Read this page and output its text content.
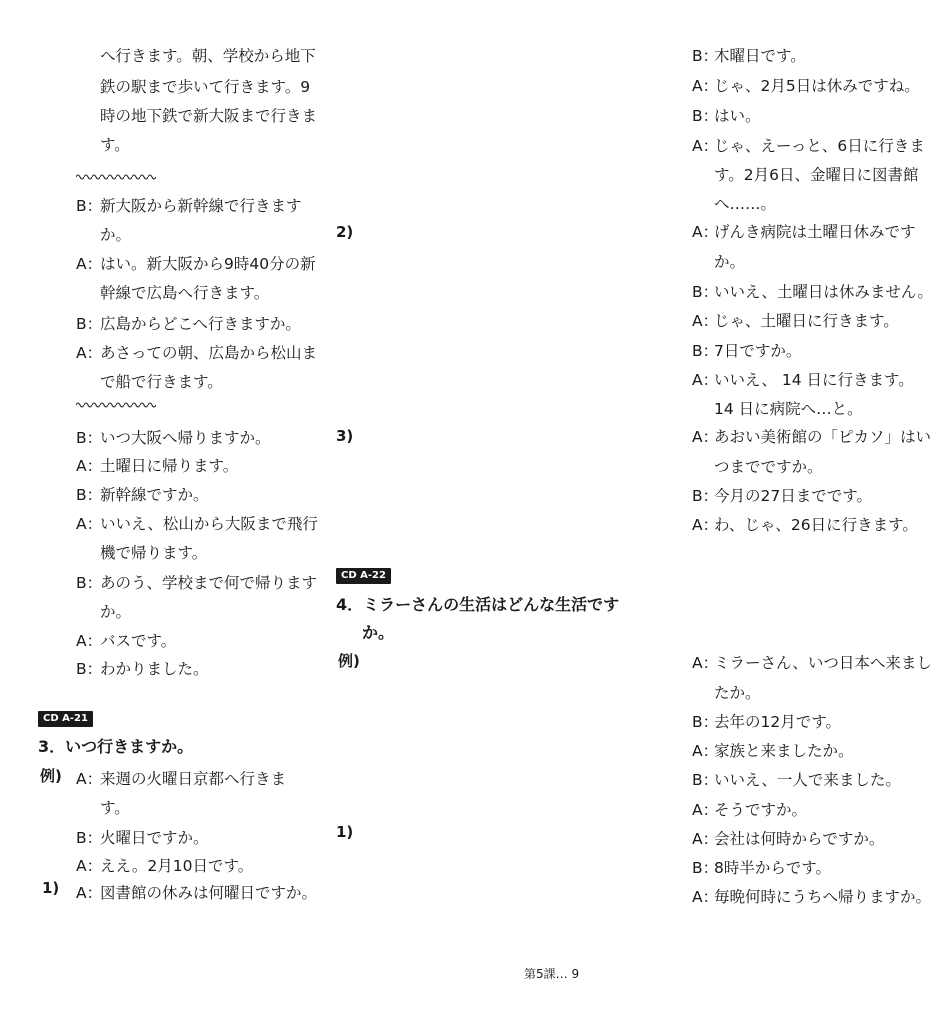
へ行きます。朝、学校から地下
鉄の駅まで歩いて行きます。9
時の地下鉄で新大阪まで行きま
す。
B：
新大阪から新幹線で行きます
か。
A：
はい。新大阪から9時40分の新
幹線で広島へ行きます。
B：
広島からどこへ行きますか。
A：
あさっての朝、広島から松山ま
で船で行きます。
B：
いつ大阪へ帰りますか。
A：
土曜日に帰ります。
B：
新幹線ですか。
A：
いいえ、松山から大阪まで飛行
機で帰ります。
B：
あのう、学校まで何で帰ります
か。
A：
バスです。
B：
わかりました。
A：
来週の火曜日京都へ行きま
す。
B：
火曜日ですか。
A：
ええ。2月10日です。
A：
図書館の休みは何曜日ですか。
B：
木曜日です。
A：
じゃ、2月5日は休みですね。
B：
はい。
A：
じゃ、えーっと、6日に行きま
す。2月6日、金曜日に図書館
へ……。
A：
げんき病院は土曜日休みです
か。
B：
いいえ、土曜日は休みません。
A：
じゃ、土曜日に行きます。
B：
7日ですか。
A：
いいえ、 14 日に行きます。
14 日に病院へ…と。
A：
あおい美術館の「ピカソ」はい
つまでですか。
B：
今月の27日までです。
A：
わ、じゃ、26日に行きます。
A：
ミラーさん、いつ日本へ来まし
たか。
B：
去年の12月です。
A：
家族と来ましたか。
B：
いいえ、一人で来ました。
A：
そうですか。
A：
会社は何時からですか。
B：
8時半からです。
A：
毎晩何時にうちへ帰りますか。
CD A-21
3．いつ行きますか。
例)
1)
2)
3)
CD A-22
4．ミラーさんの生活はどんな生活です
か。
例)
1)
第5課… 9
